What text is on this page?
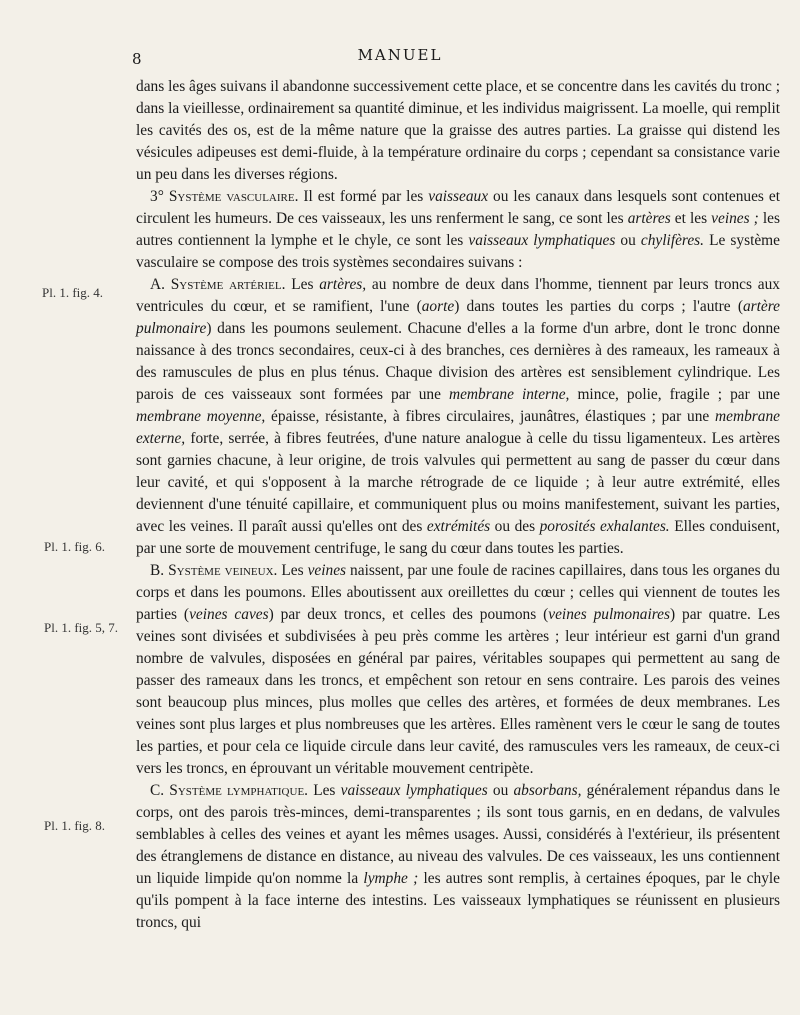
8	MANUEL
Pl. 1. fig. 4.
Pl. 1. fig. 6.
Pl. 1. fig. 5, 7.
Pl. 1. fig. 8.

dans les âges suivans il abandonne successivement cette place, et se concentre dans les cavités du tronc ; dans la vieillesse, ordinairement sa quantité diminue, et les individus maigrissent. La moelle, qui remplit les cavités des os, est de la même nature que la graisse des autres parties. La graisse qui distend les vésicules adipeuses est demi-fluide, à la température ordinaire du corps ; cependant sa consistance varie un peu dans les diverses régions.

3° Système vasculaire. Il est formé par les vaisseaux ou les canaux dans lesquels sont contenues et circulent les humeurs. De ces vaisseaux, les uns renferment le sang, ce sont les artères et les veines ; les autres contiennent la lymphe et le chyle, ce sont les vaisseaux lymphatiques ou chylifères. Le système vasculaire se compose des trois systèmes secondaires suivans :

A. Système artériel. Les artères, au nombre de deux dans l'homme, tiennent par leurs troncs aux ventricules du cœur, et se ramifient, l'une (aorte) dans toutes les parties du corps ; l'autre (artère pulmonaire) dans les poumons seulement. Chacune d'elles a la forme d'un arbre, dont le tronc donne naissance à des troncs secondaires, ceux-ci à des branches, ces dernières à des rameaux, les rameaux à des ramuscules de plus en plus ténus. Chaque division des artères est sensiblement cylindrique. Les parois de ces vaisseaux sont formées par une membrane interne, mince, polie, fragile ; par une membrane moyenne, épaisse, résistante, à fibres circulaires, jaunâtres, élastiques ; par une membrane externe, forte, serrée, à fibres feutrées, d'une nature analogue à celle du tissu ligamenteux. Les artères sont garnies chacune, à leur origine, de trois valvules qui permettent au sang de passer du cœur dans leur cavité, et qui s'opposent à la marche rétrograde de ce liquide ; à leur autre extrémité, elles deviennent d'une ténuité capillaire, et communiquent plus ou moins manifestement, suivant les parties, avec les veines. Il paraît aussi qu'elles ont des extrémités ou des porosités exhalantes. Elles conduisent, par une sorte de mouvement centrifuge, le sang du cœur dans toutes les parties.

B. Système veineux. Les veines naissent, par une foule de racines capillaires, dans tous les organes du corps et dans les poumons. Elles aboutissent aux oreillettes du cœur ; celles qui viennent de toutes les parties (veines caves) par deux troncs, et celles des poumons (veines pulmonaires) par quatre. Les veines sont divisées et subdivisées à peu près comme les artères ; leur intérieur est garni d'un grand nombre de valvules, disposées en général par paires, véritables soupapes qui permettent au sang de passer des rameaux dans les troncs, et empêchent son retour en sens contraire. Les parois des veines sont beaucoup plus minces, plus molles que celles des artères, et formées de deux membranes. Les veines sont plus larges et plus nombreuses que les artères. Elles ramènent vers le cœur le sang de toutes les parties, et pour cela ce liquide circule dans leur cavité, des ramuscules vers les rameaux, de ceux-ci vers les troncs, en éprouvant un véritable mouvement centripète.

C. Système lymphatique. Les vaisseaux lymphatiques ou absorbans, généralement répandus dans le corps, ont des parois très-minces, demi-transparentes ; ils sont tous garnis, en en dedans, de valvules semblables à celles des veines et ayant les mêmes usages. Aussi, considérés à l'extérieur, ils présentent des étranglemens de distance en distance, au niveau des valvules. De ces vaisseaux, les uns contiennent un liquide limpide qu'on nomme la lymphe ; les autres sont remplis, à certaines époques, par le chyle qu'ils pompent à la face interne des intestins. Les vaisseaux lymphatiques se réunissent en plusieurs troncs, qui
